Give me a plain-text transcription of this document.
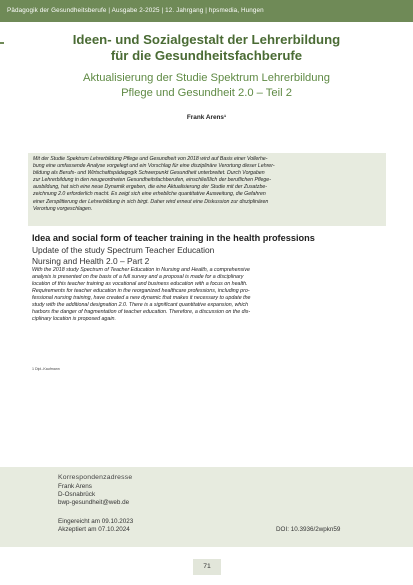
Pädagogik der Gesundheitsberufe | Ausgabe 2-2025 | 12. Jahrgang | hpsmedia, Hungen
Ideen- und Sozialgestalt der Lehrerbildung
für die Gesundheitsfachberufe
Aktualisierung der Studie Spektrum Lehrerbildung
Pflege und Gesundheit 2.0 – Teil 2
Frank Arens¹
Mit der Studie Spektrum Lehrerbildung Pflege und Gesundheit von 2018 wird auf Basis einer Vollerhe-
bung eine umfassende Analyse vorgelegt und ein Vorschlag für eine disziplinäre Verortung dieser Lehrer-
bildung als Berufs- und Wirtschaftspädagogik Schwerpunkt Gesundheit unterbreitet. Durch Vorgaben
zur Lehrerbildung in den neugeordneten Gesundheitsfachberufen, einschließlich der beruflichen Pflege-
ausbildung, hat sich eine neue Dynamik ergeben, die eine Aktualisierung der Studie mit der Zusatzbe-
zeichnung 2.0 erforderlich macht. Es zeigt sich eine erhebliche quantitative Ausweitung, die Gefahren
einer Zersplitterung der Lehrerbildung in sich birgt. Daher wird erneut eine Diskussion zur disziplinären
Verortung vorgeschlagen.
Idea and social form of teacher training in the health professions
Update of the study Spectrum Teacher Education
Nursing and Health 2.0 – Part 2
With the 2018 study Spectrum of Teacher Education in Nursing and Health, a comprehensive
analysis is presented on the basis of a full survey and a proposal is made for a disciplinary
location of this teacher training as vocational and business education with a focus on health.
Requirements for teacher education in the reorganized healthcare professions, including pro-
fessional nursing training, have created a new dynamic that makes it necessary to update the
study with the additional designation 2.0. There is a significant quantitative expansion, which
harbors the danger of fragmentation of teacher education. Therefore, a discussion on the dis-
ciplinary location is proposed again.
1 Dipl.-Kaufmann
Korrespondenzadresse
Frank Arens
D-Osnabrück
bwp-gesundheit@web.de
Eingereicht am 09.10.2023
Akzeptiert am 07.10.2024	DOI: 10.3936/2wpkn59
71
